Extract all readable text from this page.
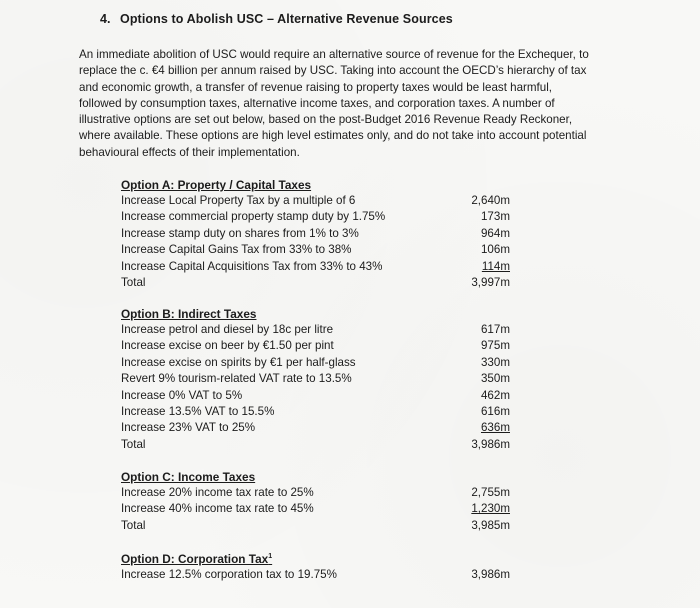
4. Options to Abolish USC – Alternative Revenue Sources
An immediate abolition of USC would require an alternative source of revenue for the Exchequer, to
replace the c. €4 billion per annum raised by USC. Taking into account the OECD’s hierarchy of tax
and economic growth, a transfer of revenue raising to property taxes would be least harmful,
followed by consumption taxes, alternative income taxes, and corporation taxes. A number of
illustrative options are set out below, based on the post-Budget 2016 Revenue Ready Reckoner,
where available. These options are high level estimates only, and do not take into account potential
behavioural effects of their implementation.
Option A: Property / Capital Taxes
Increase Local Property Tax by a multiple of 6	2,640m
Increase commercial property stamp duty by 1.75%	173m
Increase stamp duty on shares from 1% to 3%	964m
Increase Capital Gains Tax from 33% to 38%	106m
Increase Capital Acquisitions Tax from 33% to 43%	114m
Total	3,997m
Option B: Indirect Taxes
Increase petrol and diesel by 18c per litre	617m
Increase excise on beer by €1.50 per pint	975m
Increase excise on spirits by €1 per half-glass	330m
Revert 9% tourism-related VAT rate to 13.5%	350m
Increase 0% VAT to 5%	462m
Increase 13.5% VAT to 15.5%	616m
Increase 23% VAT to 25%	636m
Total	3,986m
Option C: Income Taxes
Increase 20% income tax rate to 25%	2,755m
Increase 40% income tax rate to 45%	1,230m
Total	3,985m
Option D: Corporation Tax$^1$
Increase 12.5% corporation tax to 19.75%	3,986m
